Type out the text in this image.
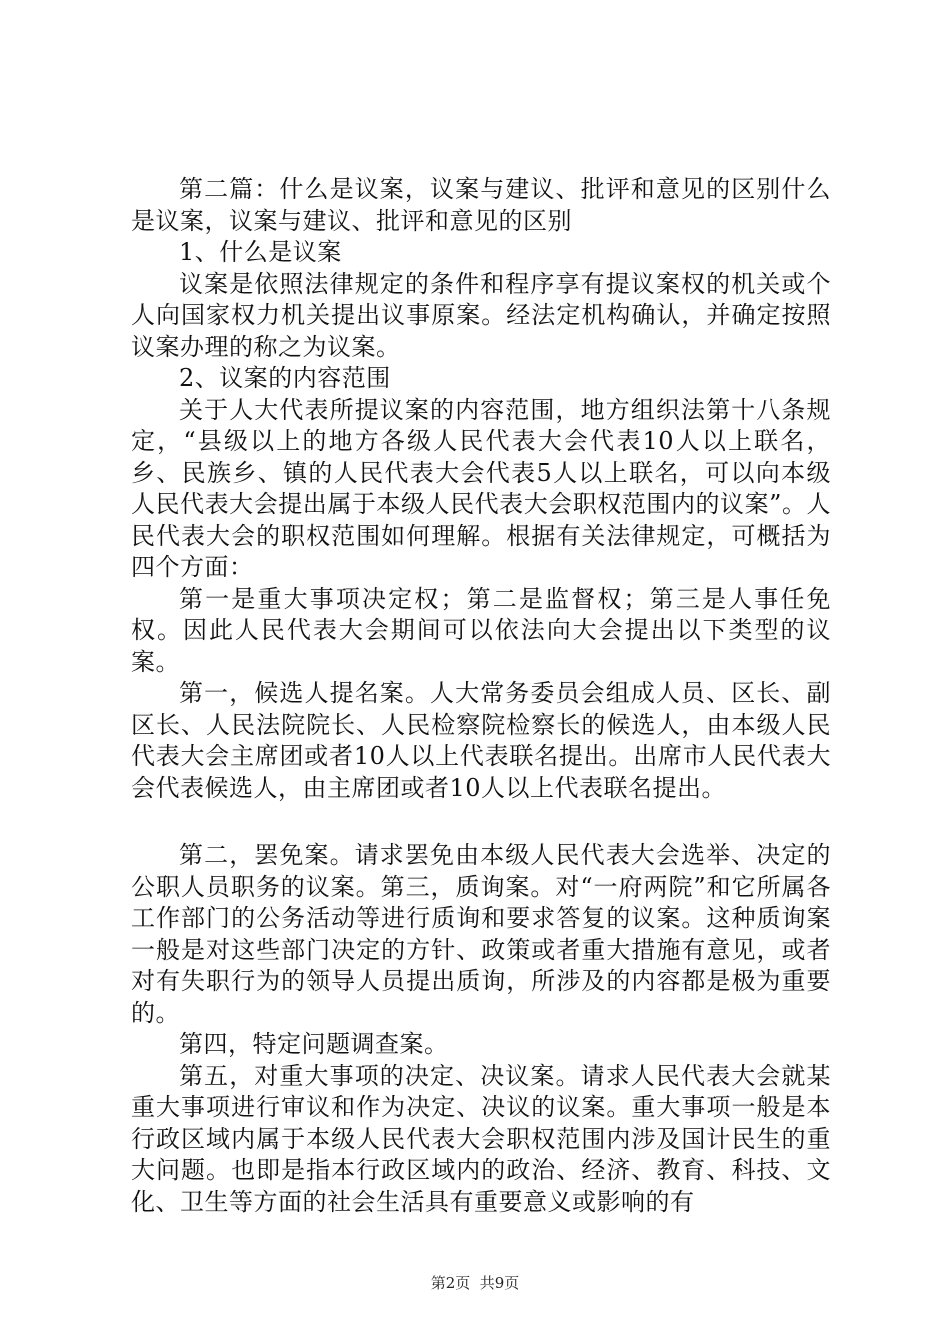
第二篇：什么是议案，议案与建议、批评和意见的区别什么是议案，议案与建议、批评和意见的区别

1、什么是议案

议案是依照法律规定的条件和程序享有提议案权的机关或个人向国家权力机关提出议事原案。经法定机构确认，并确定按照议案办理的称之为议案。

2、议案的内容范围

关于人大代表所提议案的内容范围，地方组织法第十八条规定，“县级以上的地方各级人民代表大会代表10人以上联名，乡、民族乡、镇的人民代表大会代表5人以上联名，可以向本级人民代表大会提出属于本级人民代表大会职权范围内的议案”。人民代表大会的职权范围如何理解。根据有关法律规定，可概括为四个方面：

第一是重大事项决定权；第二是监督权；第三是人事任免权。因此人民代表大会期间可以依法向大会提出以下类型的议案。

第一，候选人提名案。人大常务委员会组成人员、区长、副区长、人民法院院长、人民检察院检察长的候选人，由本级人民代表大会主席团或者10人以上代表联名提出。出席市人民代表大会代表候选人，由主席团或者10人以上代表联名提出。

第二，罢免案。请求罢免由本级人民代表大会选举、决定的公职人员职务的议案。第三，质询案。对“一府两院”和它所属各工作部门的公务活动等进行质询和要求答复的议案。这种质询案一般是对这些部门决定的方针、政策或者重大措施有意见，或者对有失职行为的领导人员提出质询，所涉及的内容都是极为重要的。

第四，特定问题调查案。

第五，对重大事项的决定、决议案。请求人民代表大会就某重大事项进行审议和作为决定、决议的议案。重大事项一般是本行政区域内属于本级人民代表大会职权范围内涉及国计民生的重大问题。也即是指本行政区域内的政治、经济、教育、科技、文化、卫生等方面的社会生活具有重要意义或影响的有

第2页  共9页
